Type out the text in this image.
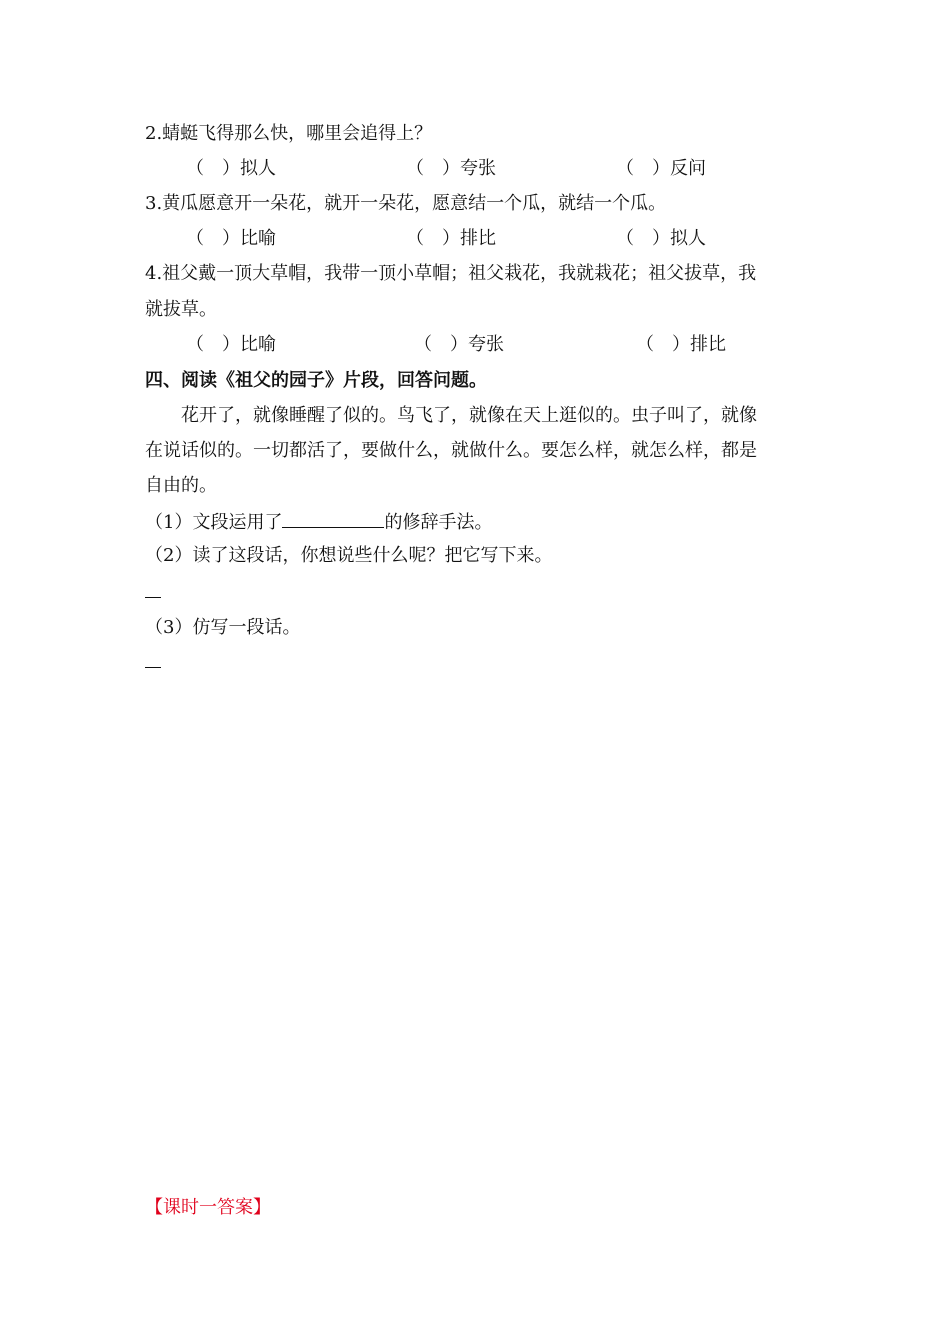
2.蜻蜓飞得那么快，哪里会追得上？
（　）拟人	（　）夸张	（　）反问
3.黄瓜愿意开一朵花，就开一朵花，愿意结一个瓜，就结一个瓜。
（　）比喻	（　）排比	（　）拟人
4.祖父戴一顶大草帽，我带一顶小草帽；祖父栽花，我就栽花；祖父拔草，我
就拔草。
（　）比喻	（　）夸张	（　）排比
四、阅读《祖父的园子》片段，回答问题。
花开了，就像睡醒了似的。鸟飞了，就像在天上逛似的。虫子叫了，就像
在说话似的。一切都活了，要做什么，就做什么。要怎么样，就怎么样，都是
自由的。
（1）文段运用了	的修辞手法。
（2）读了这段话，你想说些什么呢？把它写下来。
（3）仿写一段话。
【课时一答案】
